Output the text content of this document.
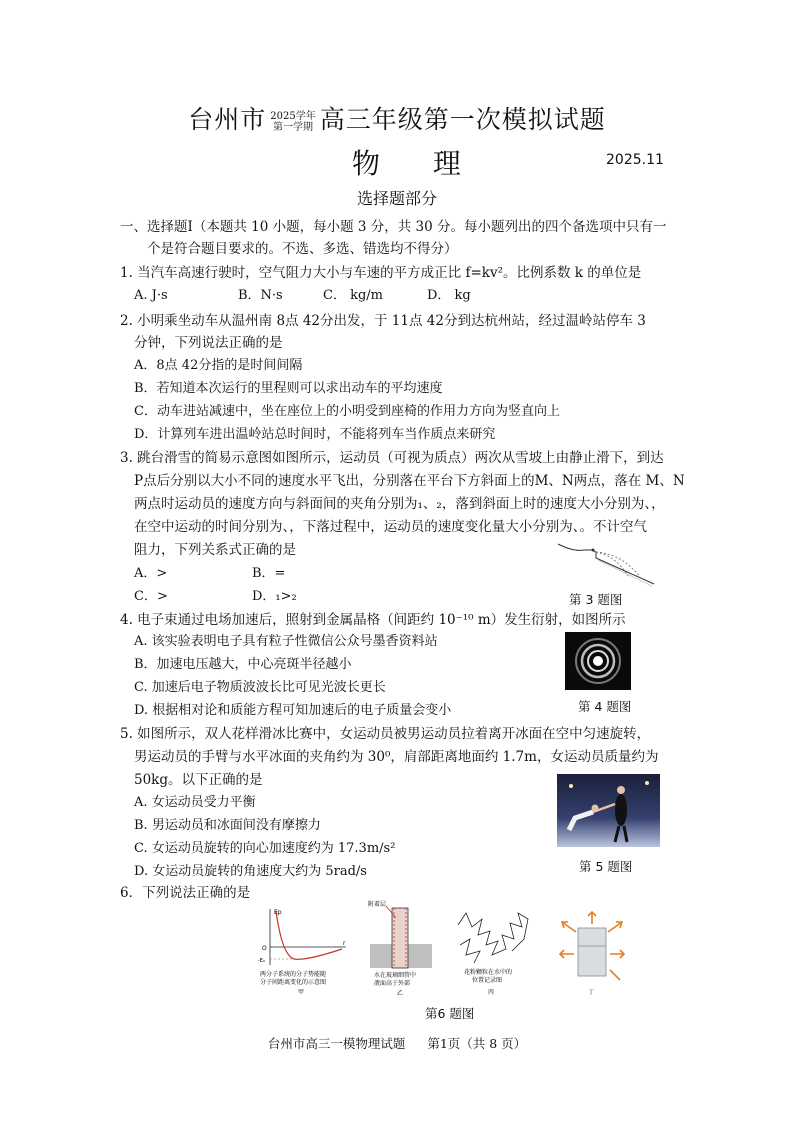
台州市 2025学年
第一学期 高三年级第一次模拟试题
物 理	2025.11
选择题部分
一、选择题Ⅰ（本题共 10 小题，每小题 3 分，共 30 分。每小题列出的四个备选项中只有一
个是符合题目要求的。不选、多选、错选均不得分）
1. 当汽车高速行驶时，空气阻力大小与车速的平方成正比 f=kv²。比例系数 k 的单位是
A. J·s	B．N·s	C． kg/m	D． kg
2. 小明乘坐动车从温州南 8点 42分出发，于 11点 42分到达杭州站，经过温岭站停车 3
分钟，下列说法正确的是
A．8点 42分指的是时间间隔
B．若知道本次运行的里程则可以求出动车的平均速度
C．动车进站减速中，坐在座位上的小明受到座椅的作用力方向为竖直向上
D．计算列车进出温岭站总时间时，不能将列车当作质点来研究
3. 跳台滑雪的简易示意图如图所示，运动员（可视为质点）两次从雪坡上由静止滑下，到达
P点后分别以大小不同的速度水平飞出，分别落在平台下方斜面上的M、N两点，落在 M、N
两点时运动员的速度方向与斜面间的夹角分别为₁、₂，落到斜面上时的速度大小分别为、，
在空中运动的时间分别为、，下落过程中，运动员的速度变化量大小分别为、。不计空气
阻力，下列关系式正确的是
A．>	B．=
C．>	D．₁>₂	第 3 题图
4. 电子束通过电场加速后，照射到金属晶格（间距约 10⁻¹⁰ m）发生衍射，如图所示
A. 该实验表明电子具有粒子性微信公众号墨香资料站
B．加速电压越大，中心亮斑半径越小
C. 加速后电子物质波波长比可见光波长更长
D. 根据相对论和质能方程可知加速后的电子质量会变小	第 4 题图
5. 如图所示，双人花样滑冰比赛中，女运动员被男运动员拉着离开冰面在空中匀速旋转，
男运动员的手臂与水平冰面的夹角约为 30⁰，肩部距离地面约 1.7m，女运动员质量约为
50kg。以下正确的是
A. 女运动员受力平衡
B. 男运动员和冰面间没有摩擦力
C. 女运动员旋转的向心加速度约为 17.3m/s²
D. 女运动员旋转的角速度大约为 5rad/s	第 5 题图
6．下列说法正确的是
Ep
O
-E₀
r
两分子系统的分子势能随
分子间距离变化的示意图
甲
附着层
水在玻璃细管中
液面高于外部
乙
花粉颗粒在水中的
位置记录图
丙	丁
第6 题图
台州市高三一模物理试题 第1页（共 8 页）
